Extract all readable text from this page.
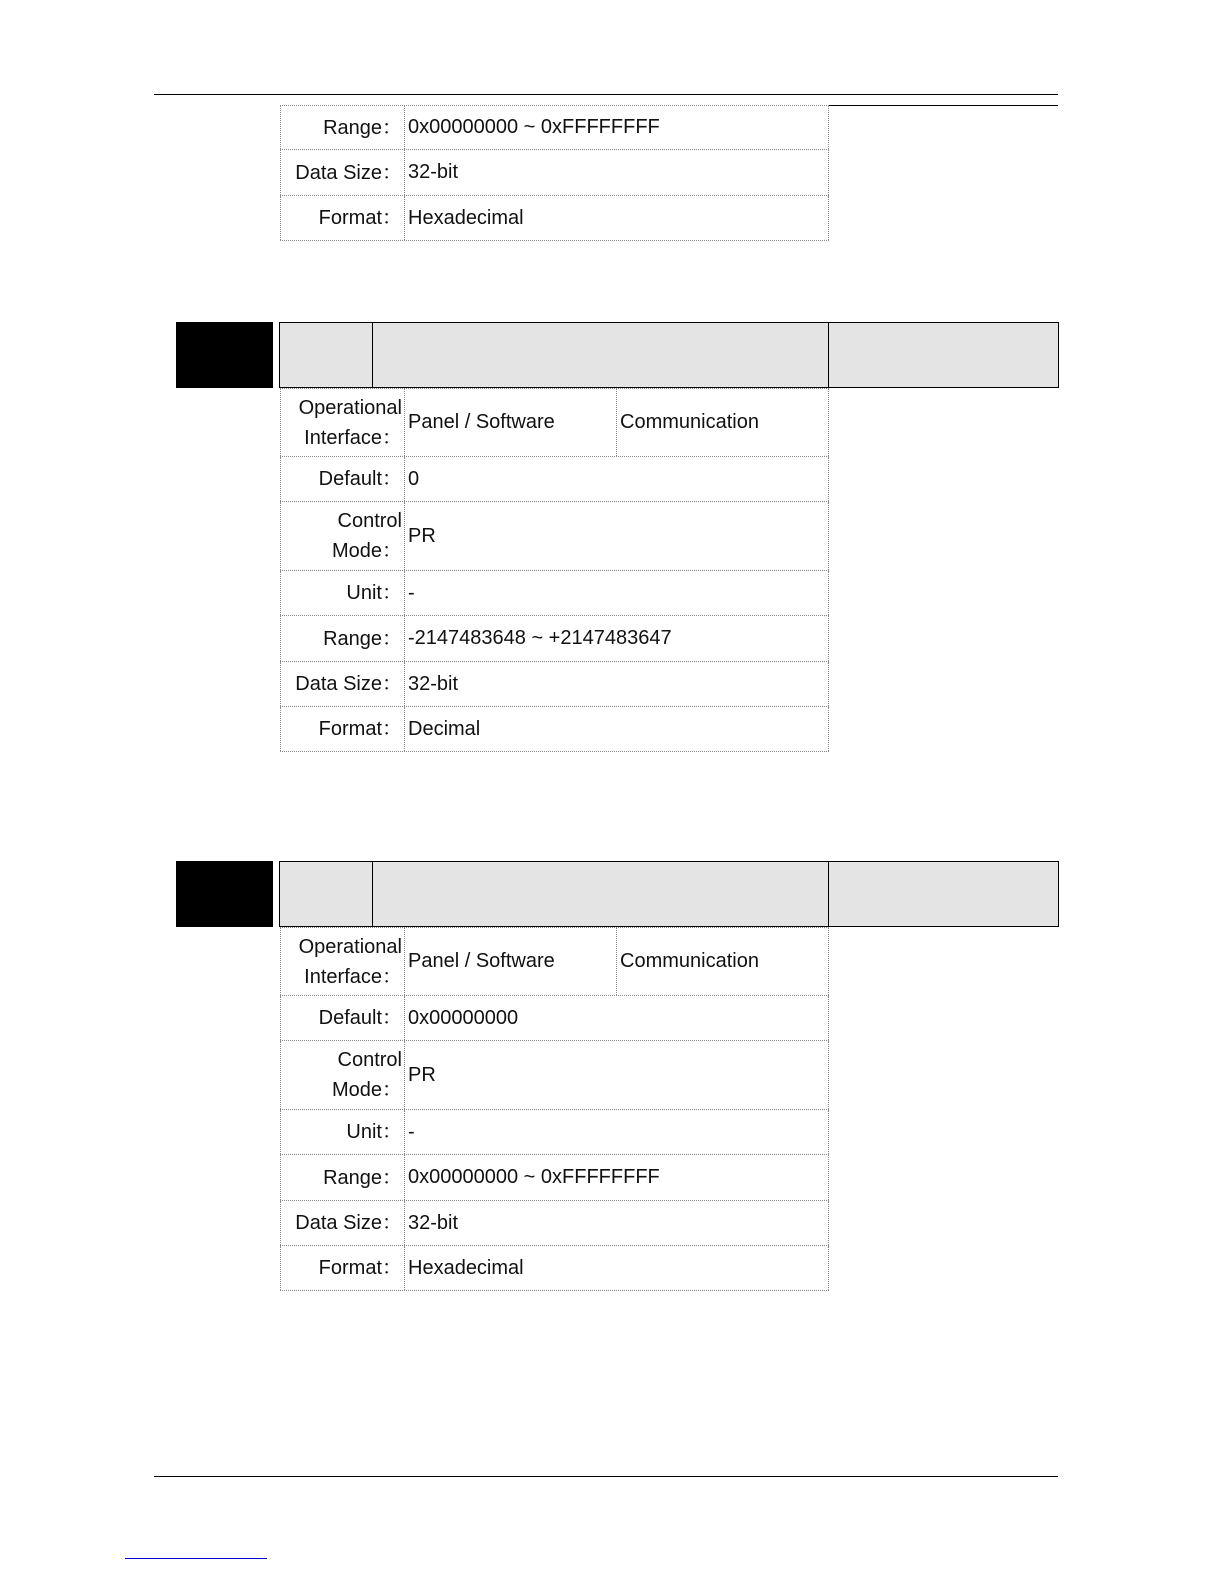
Range： 0x00000000 ~ 0xFFFFFFFF
Data Size： 32-bit
Format： Hexadecimal
Operational
Interface：
Panel / Software	Communication
Default： 0
Control
Mode：
PR
Unit： -
Range： -2147483648 ~ +2147483647
Data Size： 32-bit
Format： Decimal
Operational
Interface：
Panel / Software	Communication
Default： 0x00000000
Control
Mode：
PR
Unit： -
Range： 0x00000000 ~ 0xFFFFFFFF
Data Size： 32-bit
Format： Hexadecimal
